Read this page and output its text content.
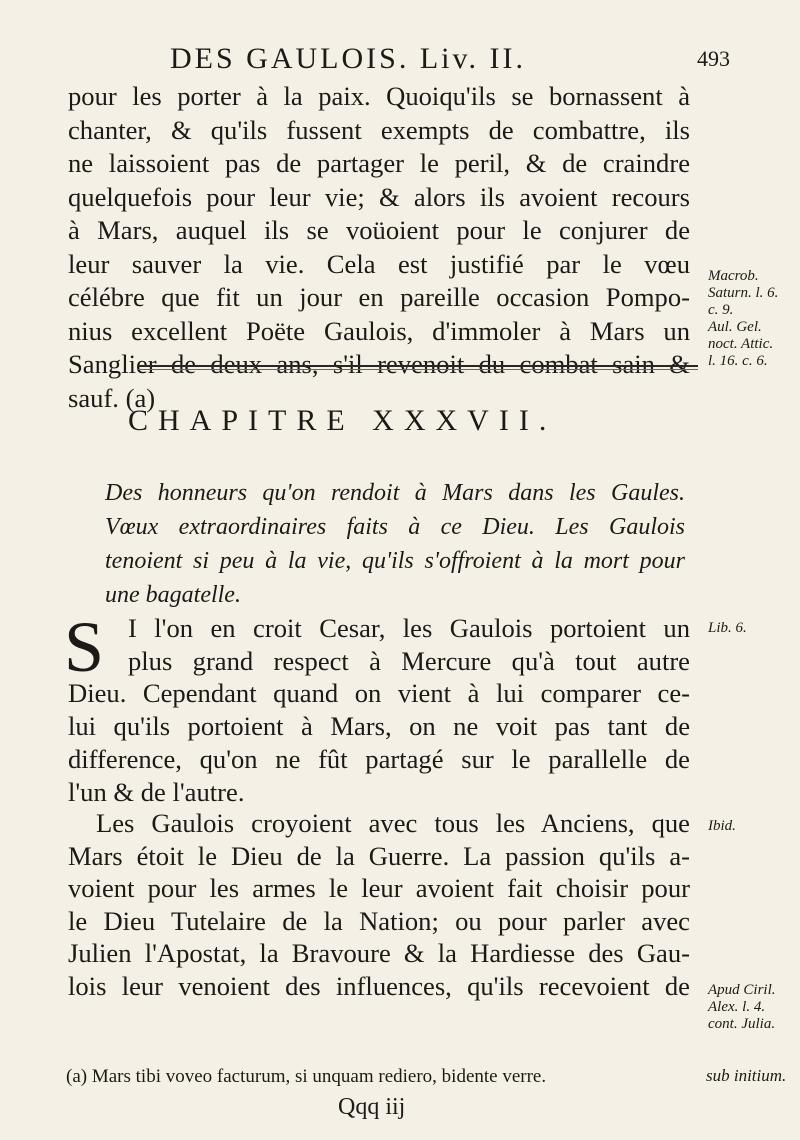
DES GAULOIS. Liv. II.	493
pour les porter à la paix. Quoiqu'ils se bornassent à
chanter, & qu'ils fussent exempts de combattre, ils
ne laissoient pas de partager le peril, & de craindre
quelquefois pour leur vie; & alors ils avoient recours
à Mars, auquel ils se voüoient pour le conjurer de
leur sauver la vie. Cela est justifié par le vœu
célébre que fit un jour en pareille occasion Pompo-
nius excellent Poëte Gaulois, d'immoler à Mars un
Sanglier de deux ans, s'il revenoit du combat sain &
sauf. (a)
Macrob.
Saturn. l. 6.
c. 9.
Aul. Gel.
noct. Attic.
l. 16. c. 6.
CHAPITRE XXXVII.
Des honneurs qu'on rendoit à Mars dans les Gaules.
Vœux extraordinaires faits à ce Dieu. Les Gaulois
tenoient si peu à la vie, qu'ils s'offroient à la mort pour
une bagatelle.
S I l'on en croit Cesar, les Gaulois portoient un
plus grand respect à Mercure qu'à tout autre
Lib. 6.
Dieu. Cependant quand on vient à lui comparer ce-
lui qu'ils portoient à Mars, on ne voit pas tant de
difference, qu'on ne fût partagé sur le parallelle de
l'un & de l'autre.
Les Gaulois croyoient avec tous les Anciens, que
Mars étoit le Dieu de la Guerre. La passion qu'ils a-
voient pour les armes le leur avoient fait choisir pour
le Dieu Tutelaire de la Nation; ou pour parler avec
Julien l'Apostat, la Bravoure & la Hardiesse des Gau-
lois leur venoient des influences, qu'ils recevoient de
Ibid.
Apud Ciril.
Alex. l. 4.
cont. Julia.
(a) Mars tibi voveo facturum, si unquam rediero, bidente verre.	sub initium.
Qqq iij
